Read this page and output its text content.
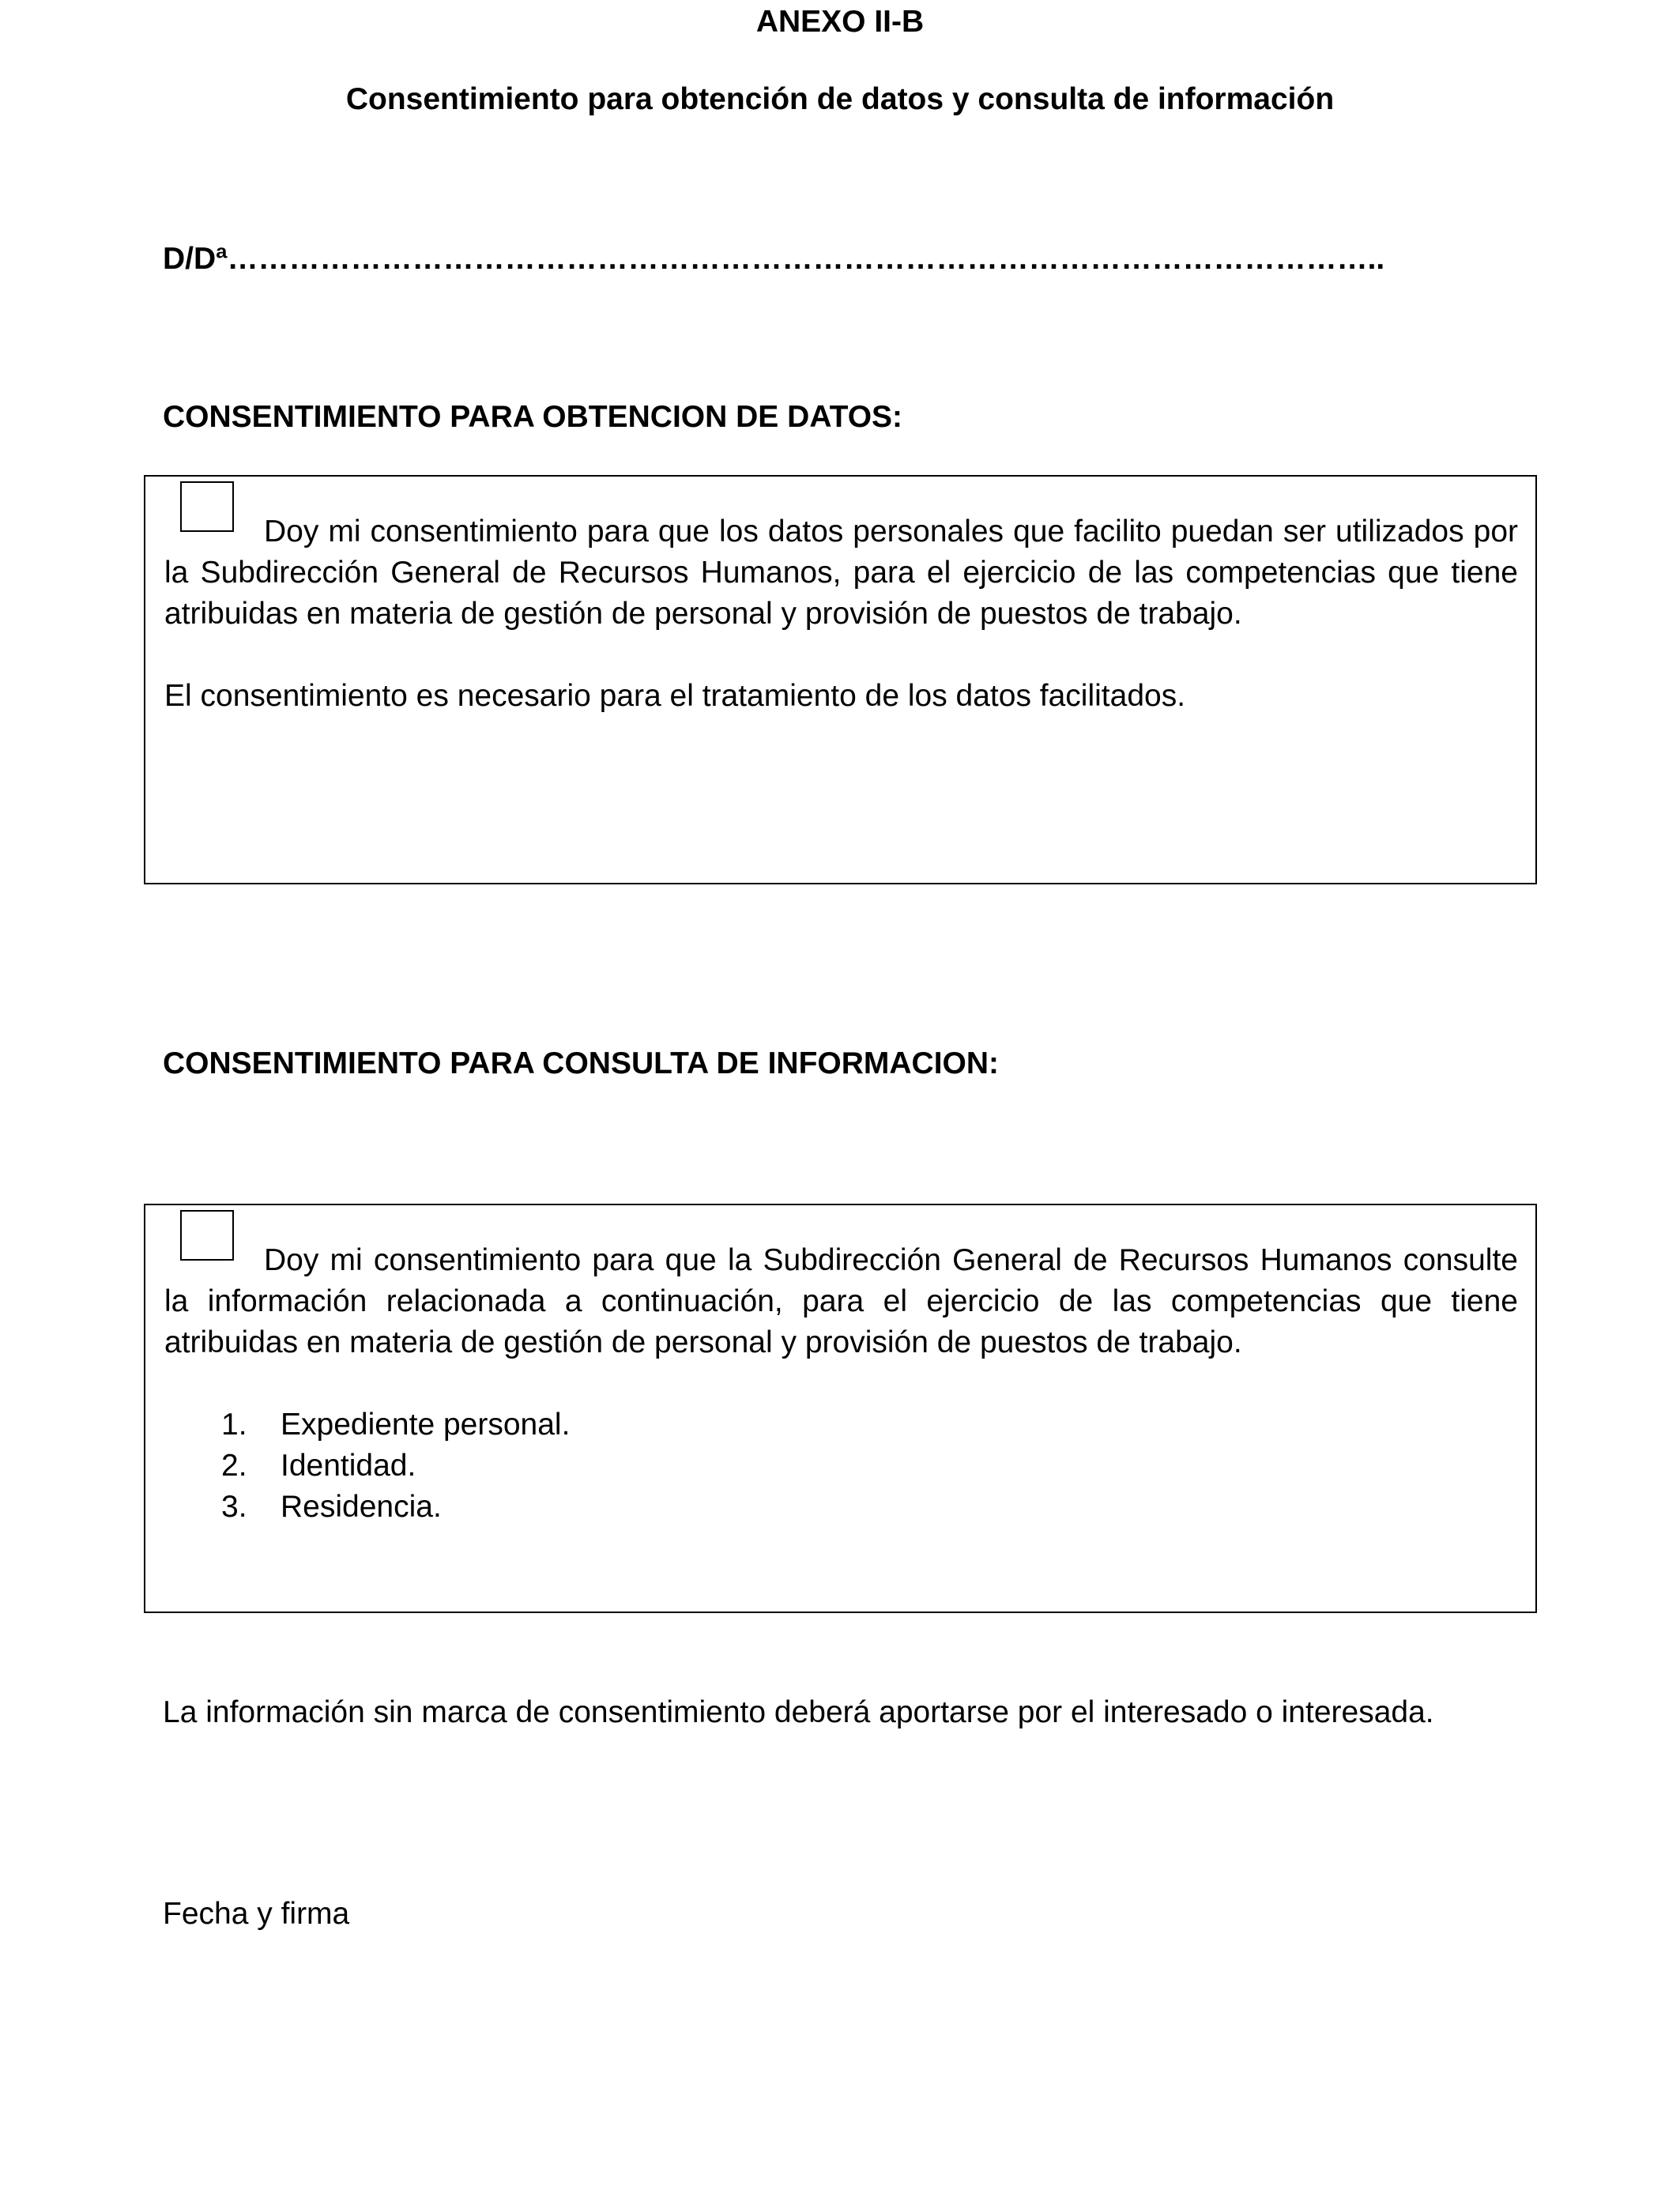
ANEXO II-B
Consentimiento para obtención de datos y consulta de información
D/Dª…………………………………………………………………………………………………..
CONSENTIMIENTO PARA OBTENCION DE DATOS:

Doy mi consentimiento para que los datos personales que facilito puedan ser utilizados por la Subdirección General de Recursos Humanos, para el ejercicio de las competencias que tiene atribuidas en materia de gestión de personal y provisión de puestos de trabajo.

El consentimiento es necesario para el tratamiento de los datos facilitados.

CONSENTIMIENTO PARA CONSULTA DE INFORMACION:

Doy mi consentimiento para que la Subdirección General de Recursos Humanos consulte la información relacionada a continuación, para el ejercicio de las competencias que tiene atribuidas en materia de gestión de personal y provisión de puestos de trabajo.

1. Expediente personal.
2. Identidad.
3. Residencia.

La información sin marca de consentimiento deberá aportarse por el interesado o interesada.

Fecha y firma
